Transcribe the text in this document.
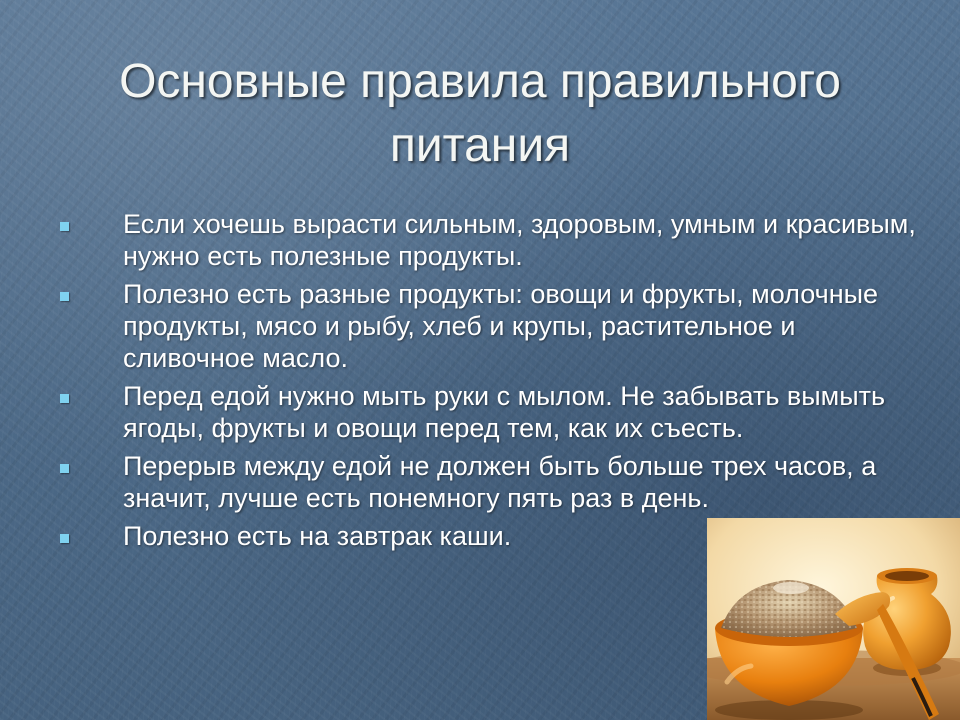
Основные правила правильного питания
Если хочешь вырасти сильным, здоровым, умным и красивым, нужно есть полезные продукты.
Полезно есть разные продукты: овощи и фрукты, молочные продукты, мясо и рыбу, хлеб и крупы, растительное и сливочное масло.
Перед едой нужно мыть руки с мылом. Не забывать вымыть ягоды, фрукты и овощи перед тем, как их съесть.
Перерыв между едой не должен быть больше трех часов, а значит, лучше есть понемногу пять раз в день.
Полезно есть на завтрак каши.
